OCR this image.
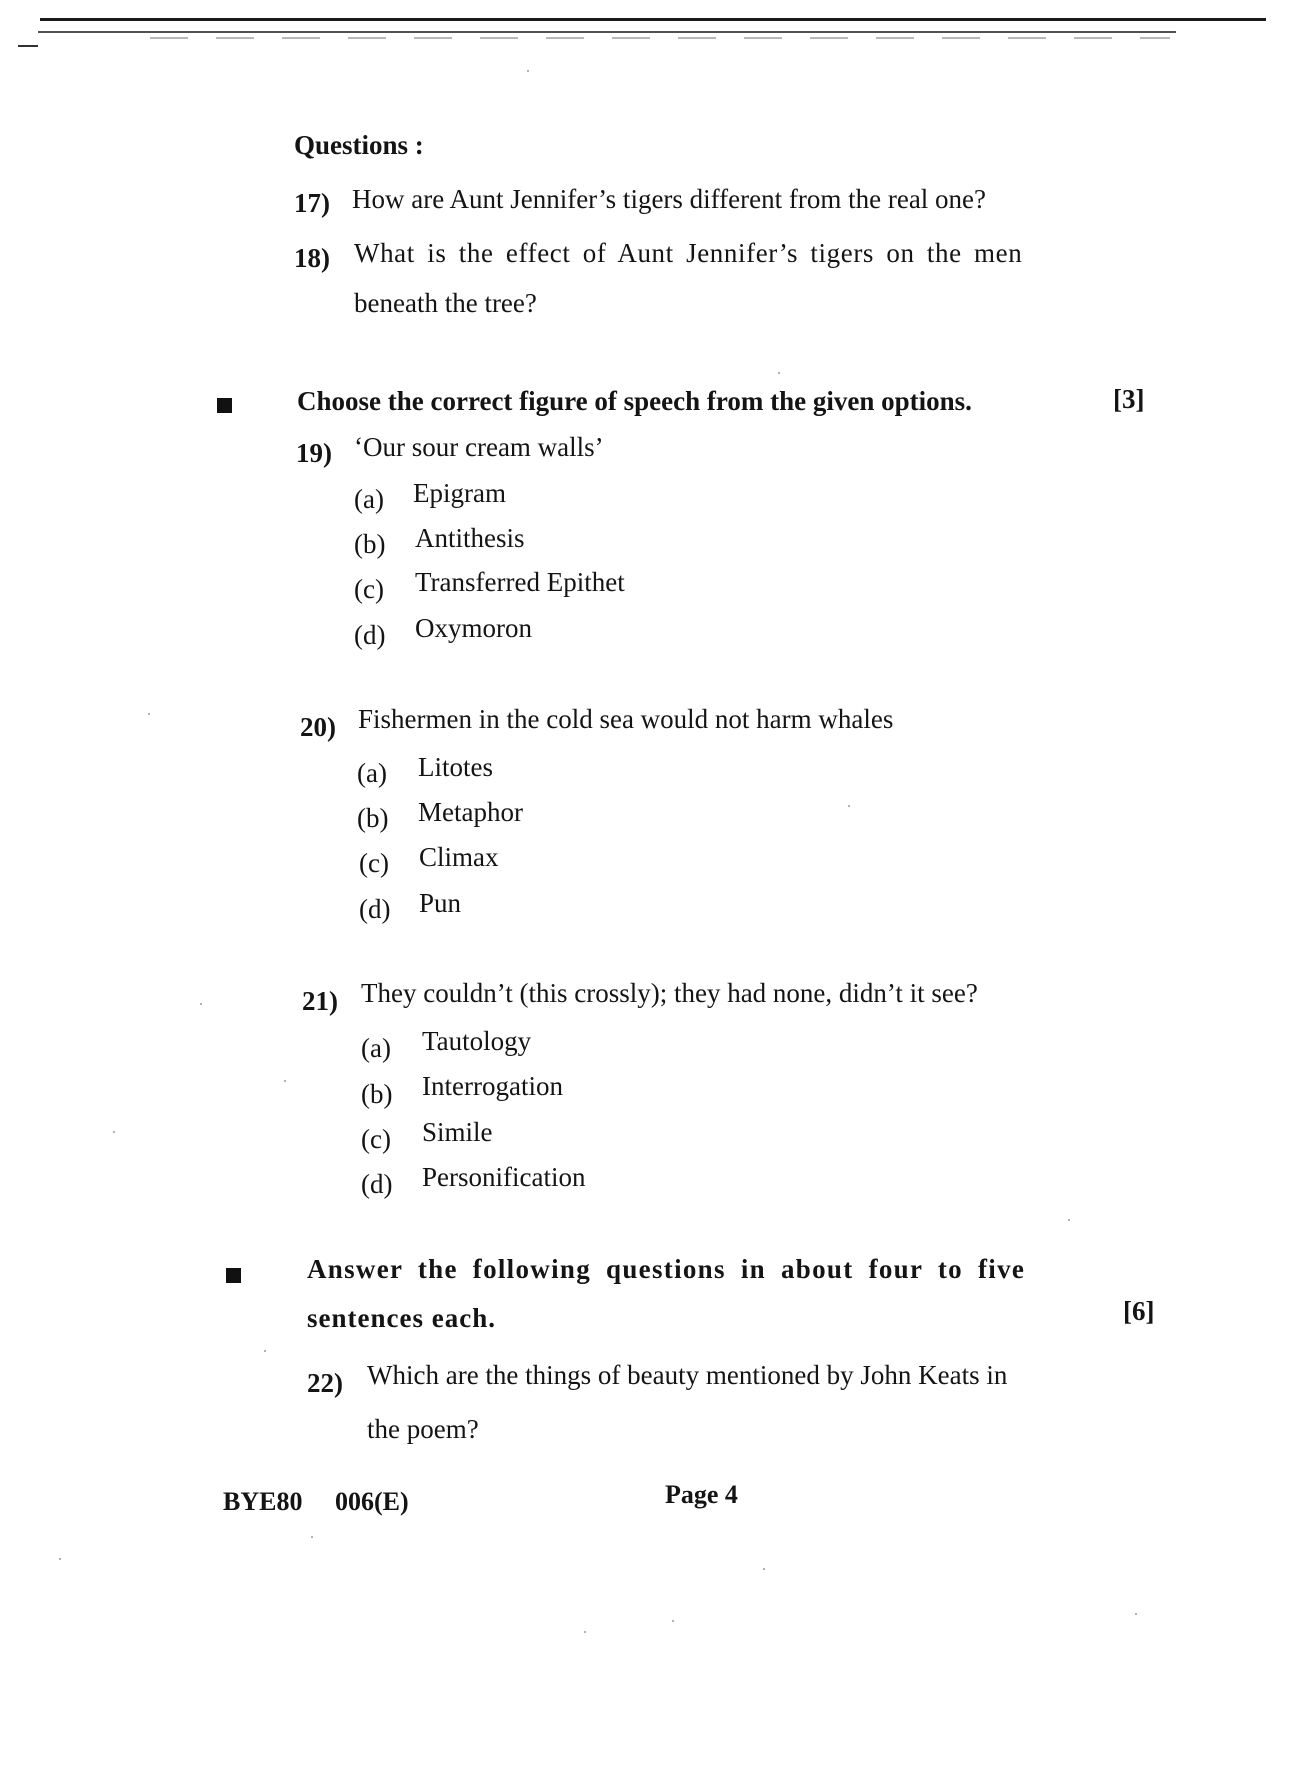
Questions :
17) How are Aunt Jennifer’s tigers different from the real one?
18) What is the effect of Aunt Jennifer’s tigers on the men
beneath the tree?
Choose the correct figure of speech from the given options.	[3]
19) ‘Our sour cream walls’
(a) Epigram
(b) Antithesis
(c) Transferred Epithet
(d) Oxymoron
20) Fishermen in the cold sea would not harm whales
(a) Litotes
(b) Metaphor
(c) Climax
(d) Pun
21) They couldn’t (this crossly); they had none, didn’t it see?
(a) Tautology
(b) Interrogation
(c) Simile
(d) Personification
Answer the following questions in about four to five
sentences each.	[6]
22) Which are the things of beauty mentioned by John Keats in
the poem?
BYE80 006(E)	Page 4
